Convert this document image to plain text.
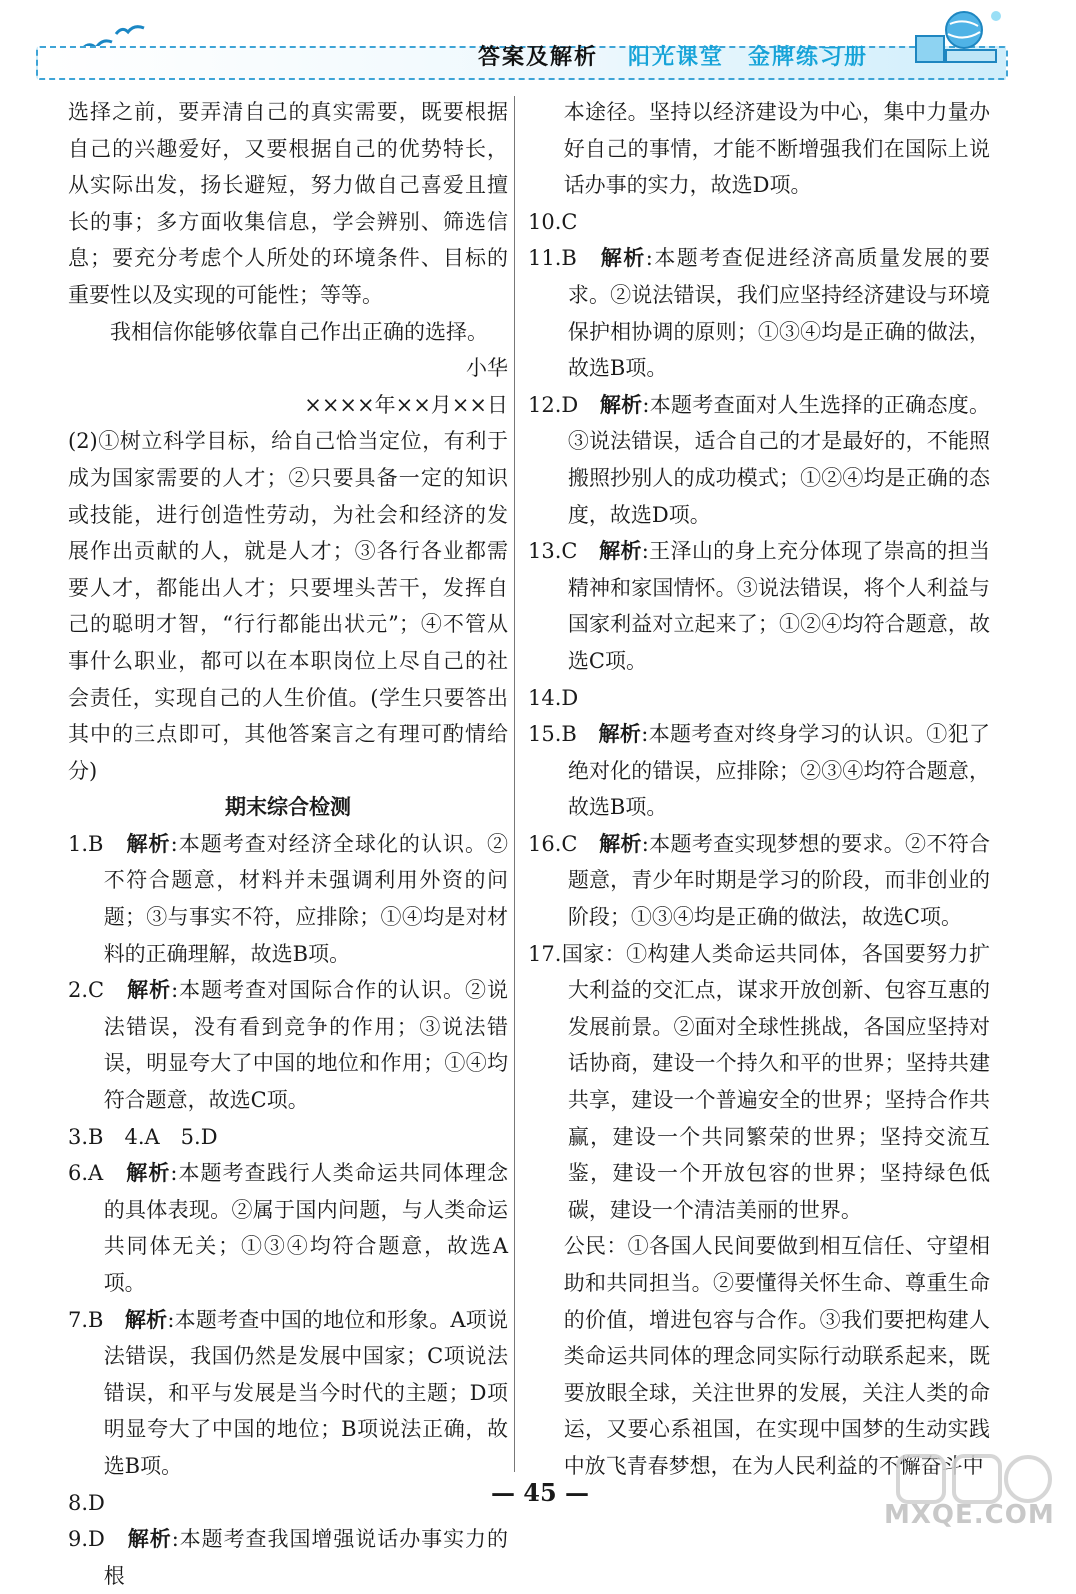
答案及解析 阳光课堂　金牌练习册

选择之前，要弄清自己的真实需要，既要根据自己的兴趣爱好，又要根据自己的优势特长，从实际出发，扬长避短，努力做自己喜爱且擅长的事；多方面收集信息，学会辨别、筛选信息；要充分考虑个人所处的环境条件、目标的重要性以及实现的可能性；等等。

我相信你能够依靠自己作出正确的选择。

小华

××××年××月××日

(2)①树立科学目标，给自己恰当定位，有利于成为国家需要的人才；②只要具备一定的知识或技能，进行创造性劳动，为社会和经济的发展作出贡献的人，就是人才；③各行各业都需要人才，都能出人才；只要埋头苦干，发挥自己的聪明才智，“行行都能出状元”；④不管从事什么职业，都可以在本职岗位上尽自己的社会责任，实现自己的人生价值。(学生只要答出其中的三点即可，其他答案言之有理可酌情给分)

期末综合检测

1.B　解析:本题考查对经济全球化的认识。②不符合题意，材料并未强调利用外资的问题；③与事实不符，应排除；①④均是对材料的正确理解，故选B项。

2.C　解析:本题考查对国际合作的认识。②说法错误，没有看到竞争的作用；③说法错误，明显夸大了中国的地位和作用；①④均符合题意，故选C项。

3.B　4.A　5.D

6.A　解析:本题考查践行人类命运共同体理念的具体表现。②属于国内问题，与人类命运共同体无关；①③④均符合题意，故选A项。

7.B　解析:本题考查中国的地位和形象。A项说法错误，我国仍然是发展中国家；C项说法错误，和平与发展是当今时代的主题；D项明显夸大了中国的地位；B项说法正确，故选B项。

8.D

9.D　解析:本题考查我国增强说话办事实力的根

本途径。坚持以经济建设为中心，集中力量办好自己的事情，才能不断增强我们在国际上说话办事的实力，故选D项。

10.C

11.B　解析:本题考查促进经济高质量发展的要求。②说法错误，我们应坚持经济建设与环境保护相协调的原则；①③④均是正确的做法，故选B项。

12.D　解析:本题考查面对人生选择的正确态度。③说法错误，适合自己的才是最好的，不能照搬照抄别人的成功模式；①②④均是正确的态度，故选D项。

13.C　解析:王泽山的身上充分体现了崇高的担当精神和家国情怀。③说法错误，将个人利益与国家利益对立起来了；①②④均符合题意，故选C项。

14.D

15.B　解析:本题考查对终身学习的认识。①犯了绝对化的错误，应排除；②③④均符合题意，故选B项。

16.C　解析:本题考查实现梦想的要求。②不符合题意，青少年时期是学习的阶段，而非创业的阶段；①③④均是正确的做法，故选C项。

17.国家：①构建人类命运共同体，各国要努力扩大利益的交汇点，谋求开放创新、包容互惠的发展前景。②面对全球性挑战，各国应坚持对话协商，建设一个持久和平的世界；坚持共建共享，建设一个普遍安全的世界；坚持合作共赢，建设一个共同繁荣的世界；坚持交流互鉴，建设一个开放包容的世界；坚持绿色低碳，建设一个清洁美丽的世界。

公民：①各国人民间要做到相互信任、守望相助和共同担当。②要懂得关怀生命、尊重生命的价值，增进包容与合作。③我们要把构建人类命运共同体的理念同实际行动联系起来，既要放眼全球，关注世界的发展，关注人类的命运，又要心系祖国，在实现中国梦的生动实践中放飞青春梦想，在为人民利益的不懈奋斗中

— 45 —
MXQE.COM
